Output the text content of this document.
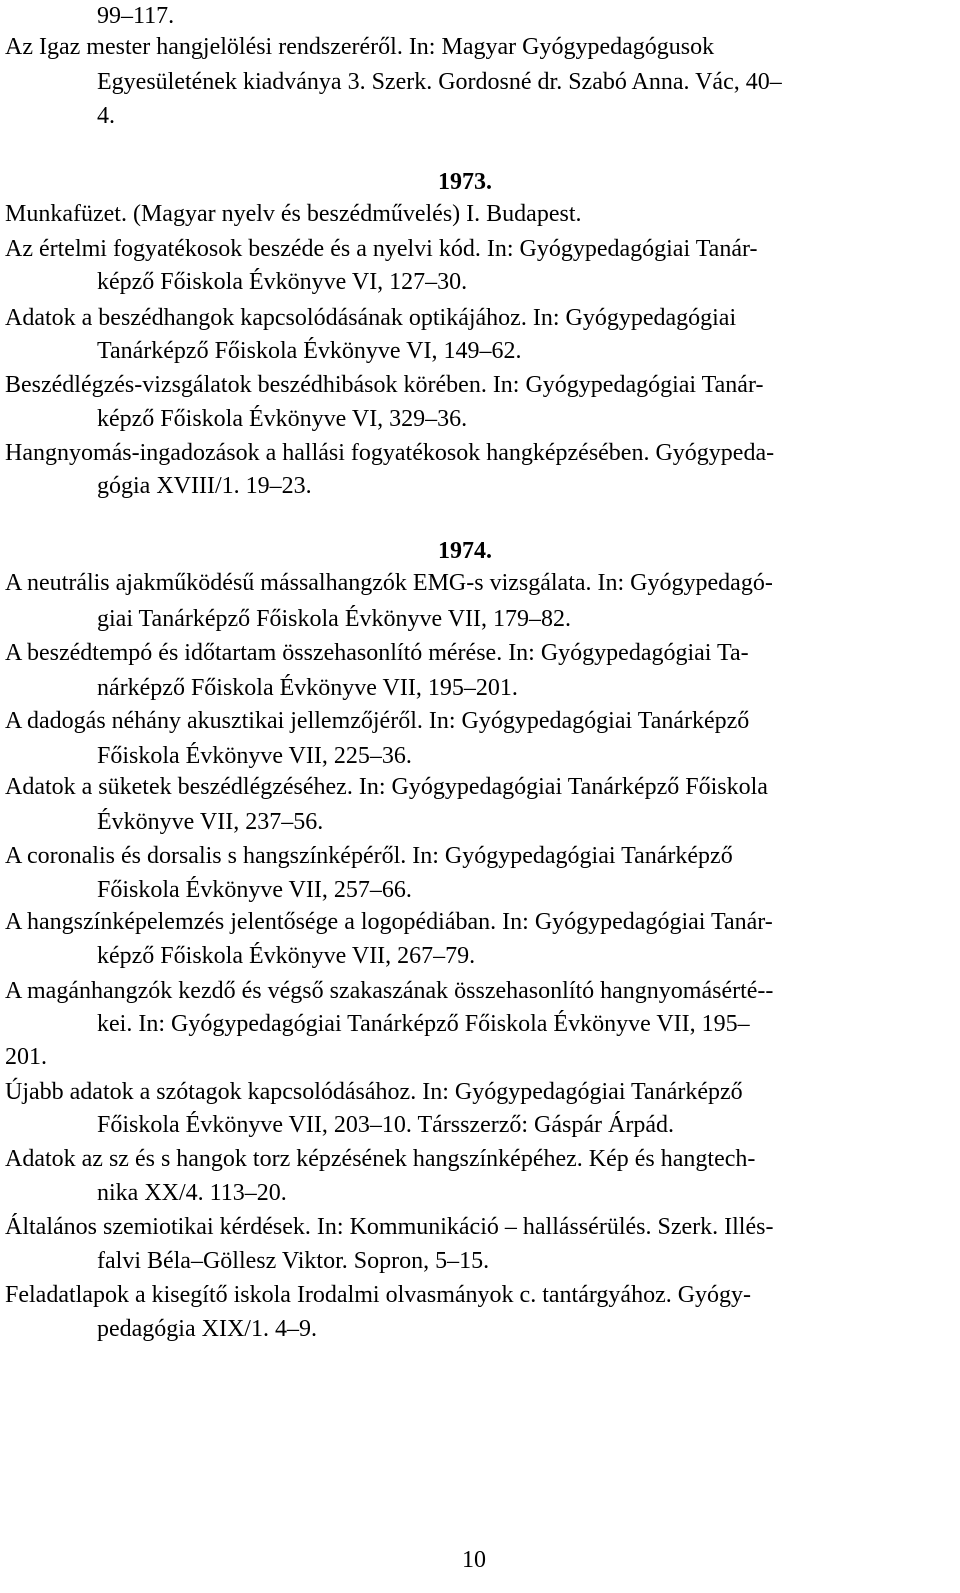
99–117.
Az Igaz mester hangjelölési rendszeréről. In: Magyar Gyógypedagógusok
Egyesületének kiadványa 3. Szerk. Gordosné dr. Szabó Anna. Vác, 40–
4.
1973.
Munkafüzet. (Magyar nyelv és beszédművelés) I. Budapest.
Az értelmi fogyatékosok beszéde és a nyelvi kód. In: Gyógypedagógiai Tanár-
képző Főiskola Évkönyve VI, 127–30.
Adatok a beszédhangok kapcsolódásának optikájához. In: Gyógypedagógiai
Tanárképző Főiskola Évkönyve VI, 149–62.
Beszédlégzés-vizsgálatok beszédhibások körében. In: Gyógypedagógiai Tanár-
képző Főiskola Évkönyve VI, 329–36.
Hangnyomás-ingadozások a hallási fogyatékosok hangképzésében. Gyógypeda-
gógia XVIII/1. 19–23.
1974.
A neutrális ajakműködésű mássalhangzók EMG-s vizsgálata. In: Gyógypedagó-
giai Tanárképző Főiskola Évkönyve VII, 179–82.
A beszédtempó és időtartam összehasonlító mérése. In: Gyógypedagógiai Ta-
nárképző Főiskola Évkönyve VII, 195–201.
A dadogás néhány akusztikai jellemzőjéről. In: Gyógypedagógiai Tanárképző
Főiskola Évkönyve VII, 225–36.
Adatok a süketek beszédlégzéséhez. In: Gyógypedagógiai Tanárképző Főiskola
Évkönyve VII, 237–56.
A coronalis és dorsalis s hangszínképéről. In: Gyógypedagógiai Tanárképző
Főiskola Évkönyve VII, 257–66.
A hangszínképelemzés jelentősége a logopédiában. In: Gyógypedagógiai Tanár-
képző Főiskola Évkönyve VII, 267–79.
A magánhangzók kezdő és végső szakaszának összehasonlító hangnyomásérté--
kei. In: Gyógypedagógiai Tanárképző Főiskola Évkönyve VII, 195–
201.
Újabb adatok a szótagok kapcsolódásához. In: Gyógypedagógiai Tanárképző
Főiskola Évkönyve VII, 203–10. Társszerző: Gáspár Árpád.
Adatok az sz és s hangok torz képzésének hangszínképéhez. Kép és hangtech-
nika XX/4. 113–20.
Általános szemiotikai kérdések. In: Kommunikáció – hallássérülés. Szerk. Illés-
falvi Béla–Göllesz Viktor. Sopron, 5–15.
Feladatlapok a kisegítő iskola Irodalmi olvasmányok c. tantárgyához. Gyógy-
pedagógia XIX/1. 4–9.
10
